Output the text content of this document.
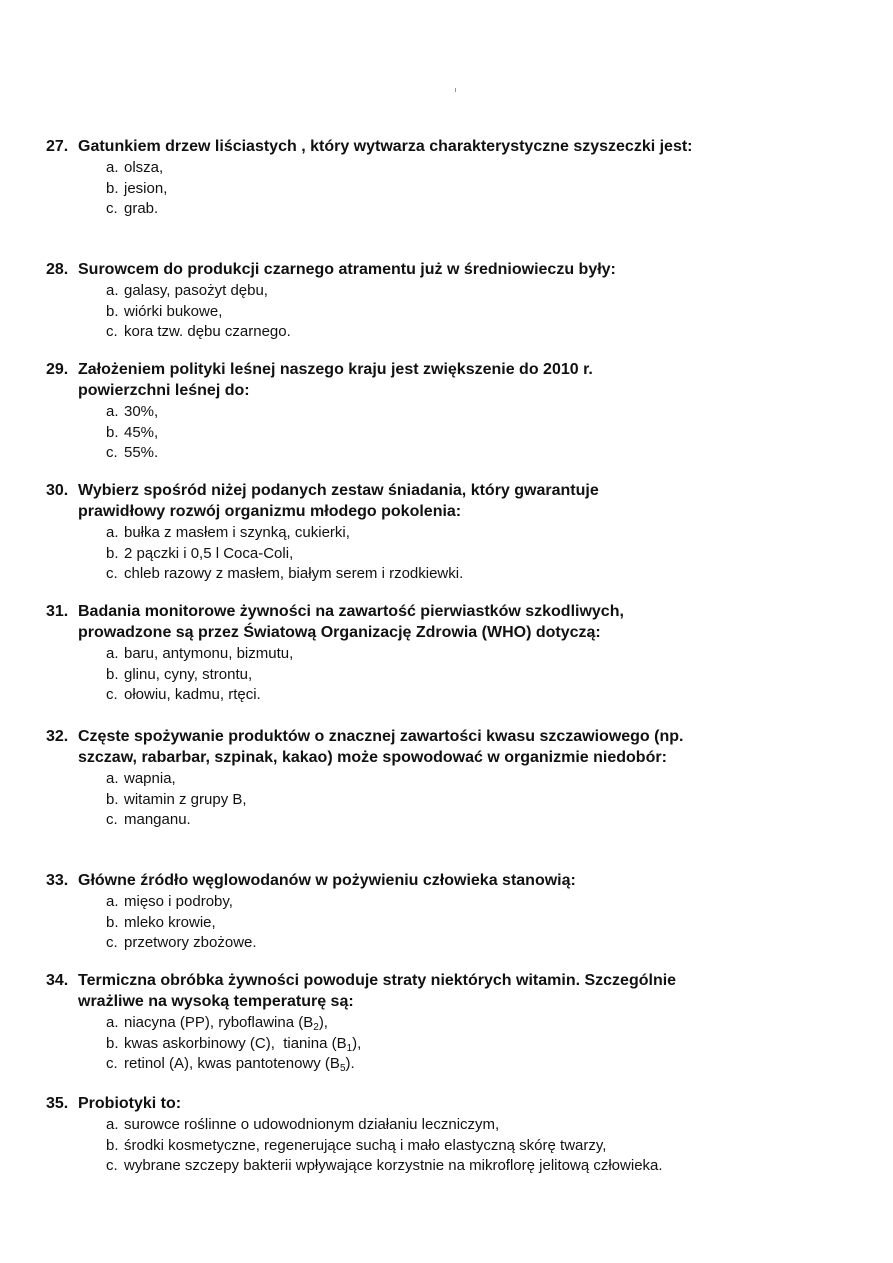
27. Gatunkiem drzew liściastych , który wytwarza charakterystyczne szyszeczki jest:
a. olsza,
b. jesion,
c. grab.
28. Surowcem do produkcji czarnego atramentu już w średniowieczu były:
a. galasy, pasożyt dębu,
b. wiórki bukowe,
c. kora tzw. dębu czarnego.
29. Założeniem polityki leśnej naszego kraju jest zwiększenie do 2010 r. powierzchni leśnej do:
a. 30%,
b. 45%,
c. 55%.
30. Wybierz spośród niżej podanych zestaw śniadania, który gwarantuje prawidłowy rozwój organizmu młodego pokolenia:
a. bułka z masłem i szynką, cukierki,
b. 2 pączki i 0,5 l Coca-Coli,
c. chleb razowy z masłem, białym serem i rzodkiewki.
31. Badania monitorowe żywności na zawartość pierwiastków szkodliwych, prowadzone są przez Światową Organizację Zdrowia (WHO) dotyczą:
a. baru, antymonu, bizmutu,
b. glinu, cyny, strontu,
c. ołowiu, kadmu, rtęci.
32. Częste spożywanie produktów o znacznej zawartości kwasu szczawiowego (np. szczaw, rabarbar, szpinak, kakao) może spowodować w organizmie niedobór:
a. wapnia,
b. witamin z grupy B,
c. manganu.
33. Główne źródło węglowodanów w pożywieniu człowieka stanowią:
a. mięso i podroby,
b. mleko krowie,
c. przetwory zbożowe.
34. Termiczna obróbka żywności powoduje straty niektórych witamin. Szczególnie wrażliwe na wysoką temperaturę są:
a. niacyna (PP), ryboflawina $(B_2)$,
b. kwas askorbinowy (C),  tianina $(B_1)$,
c. retinol (A), kwas pantotenowy $(B_5)$.
35. Probiotyki to:
a. surowce roślinne o udowodnionym działaniu leczniczym,
b. środki kosmetyczne, regenerujące suchą i mało elastyczną skórę twarzy,
c. wybrane szczepy bakterii wpływające korzystnie na mikroflorę jelitową człowieka.
